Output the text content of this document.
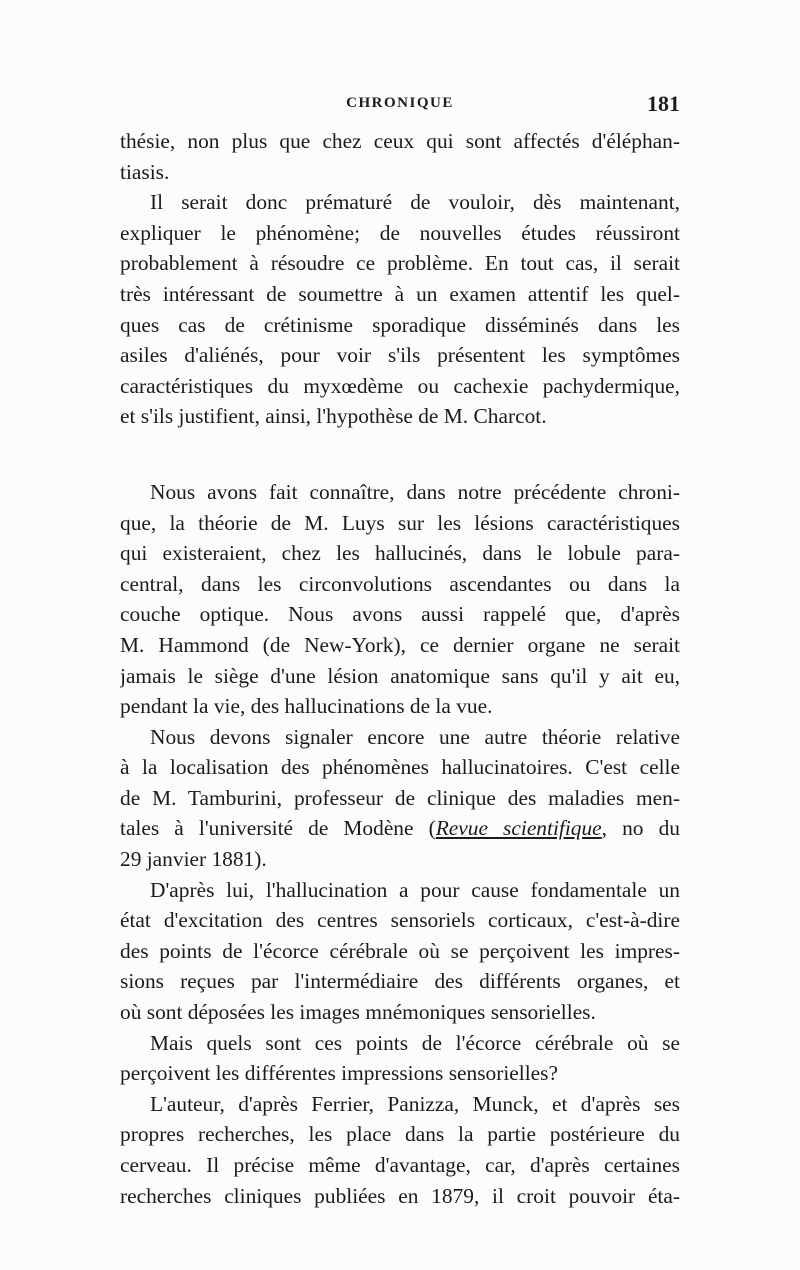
CHRONIQUE	181
thésie, non plus que chez ceux qui sont affectés d'éléphan-
tiasis.
Il serait donc prématuré de vouloir, dès maintenant,
expliquer le phénomène; de nouvelles études réussiront
probablement à résoudre ce problème. En tout cas, il serait
très intéressant de soumettre à un examen attentif les quel-
ques cas de crétinisme sporadique disséminés dans les
asiles d'aliénés, pour voir s'ils présentent les symptômes
caractéristiques du myxœdème ou cachexie pachydermique,
et s'ils justifient, ainsi, l'hypothèse de M. Charcot.
Nous avons fait connaître, dans notre précédente chroni-
que, la théorie de M. Luys sur les lésions caractéristiques
qui existeraient, chez les hallucinés, dans le lobule para-
central, dans les circonvolutions ascendantes ou dans la
couche optique. Nous avons aussi rappelé que, d'après
M. Hammond (de New-York), ce dernier organe ne serait
jamais le siège d'une lésion anatomique sans qu'il y ait eu,
pendant la vie, des hallucinations de la vue.
Nous devons signaler encore une autre théorie relative
à la localisation des phénomènes hallucinatoires. C'est celle
de M. Tamburini, professeur de clinique des maladies men-
tales à l'université de Modène (Revue scientifique, no du
29 janvier 1881).
D'après lui, l'hallucination a pour cause fondamentale un
état d'excitation des centres sensoriels corticaux, c'est-à-dire
des points de l'écorce cérébrale où se perçoivent les impres-
sions reçues par l'intermédiaire des différents organes, et
où sont déposées les images mnémoniques sensorielles.
Mais quels sont ces points de l'écorce cérébrale où se
perçoivent les différentes impressions sensorielles?
L'auteur, d'après Ferrier, Panizza, Munck, et d'après ses
propres recherches, les place dans la partie postérieure du
cerveau. Il précise même d'avantage, car, d'après certaines
recherches cliniques publiées en 1879, il croit pouvoir éta-
